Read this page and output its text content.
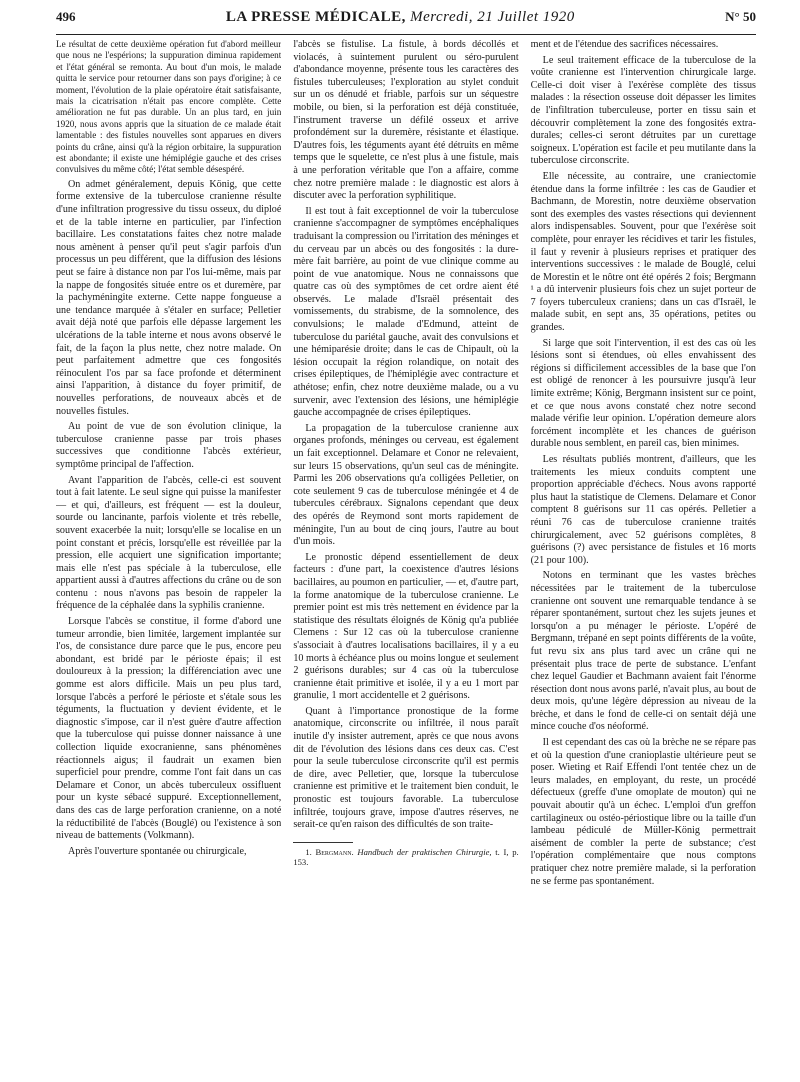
496	LA PRESSE MÉDICALE, Mercredi, 21 Juillet 1920	N° 50

Le résultat de cette deuxième opération fut d'abord meilleur que nous ne l'espérions; la suppuration diminua rapidement et l'état général se remonta. Au bout d'un mois, le malade quitta le service pour retourner dans son pays d'origine; à ce moment, l'évolution de la plaie opératoire était satisfaisante, mais la cicatrisation n'était pas encore complète. Cette amélioration ne fut pas durable. Un an plus tard, en juin 1920, nous avons appris que la situation de ce malade était lamentable : des fistules nouvelles sont apparues en divers points du crâne, ainsi qu'à la région orbitaire, la suppuration est abondante; il existe une hémiplégie gauche et des crises convulsives du même côté; l'état semble désespéré.

On admet généralement, depuis König, que cette forme extensive de la tuberculose cranienne résulte d'une infiltration progressive du tissu osseux, du diploé et de la table interne en particulier, par l'infection bacillaire. Les constatations faites chez notre malade nous amènent à penser qu'il peut s'agir parfois d'un processus un peu différent, que la diffusion des lésions peut se faire à distance non par l'os lui-même, mais par la nappe de fongosités située entre os et duremère, par la pachyméningite externe. Cette nappe fongueuse a une tendance marquée à s'étaler en surface; Pelletier avait déjà noté que parfois elle dépasse largement les ulcérations de la table interne et nous avons observé le fait, de la façon la plus nette, chez notre malade. On peut parfaitement admettre que ces fongosités réinoculent l'os par sa face profonde et déterminent ainsi l'apparition, à distance du foyer primitif, de nouvelles perforations, de nouveaux abcès et de nouvelles fistules.

Au point de vue de son évolution clinique, la tuberculose cranienne passe par trois phases successives que conditionne l'abcès extérieur, symptôme principal de l'affection.

Avant l'apparition de l'abcès, celle-ci est souvent tout à fait latente. Le seul signe qui puisse la manifester — et qui, d'ailleurs, est fréquent — est la douleur, sourde ou lancinante, parfois violente et très rebelle, souvent exacerbée la nuit; lorsqu'elle se localise en un point constant et précis, lorsqu'elle est réveillée par la pression, elle acquiert une signification importante; mais elle n'est pas spéciale à la tuberculose, elle appartient aussi à d'autres affections du crâne ou de son contenu : nous n'avons pas besoin de rappeler la fréquence de la céphalée dans la syphilis cranienne.

Lorsque l'abcès se constitue, il forme d'abord une tumeur arrondie, bien limitée, largement implantée sur l'os, de consistance dure parce que le pus, encore peu abondant, est bridé par le périoste épais; il est douloureux à la pression; la différenciation avec une gomme est alors difficile. Mais un peu plus tard, lorsque l'abcès a perforé le périoste et s'étale sous les téguments, la fluctuation y devient évidente, et le diagnostic s'impose, car il n'est guère d'autre affection que la tuberculose qui puisse donner naissance à une collection liquide exocranienne, sans phénomènes réactionnels aigus; il faudrait un examen bien superficiel pour prendre, comme l'ont fait dans un cas Delamare et Conor, un abcès tuberculeux ossifluent pour un kyste sébacé suppuré. Exceptionnellement, dans des cas de large perforation cranienne, on a noté la réductibilité de l'abcès (Bouglé) ou l'existence à son niveau de battements (Volkmann).

Après l'ouverture spontanée ou chirurgicale,

l'abcès se fistulise. La fistule, à bords décollés et violacés, à suintement purulent ou séro-purulent d'abondance moyenne, présente tous les caractères des fistules tuberculeuses; l'exploration au stylet conduit sur un os dénudé et friable, parfois sur un séquestre mobile, ou bien, si la perforation est déjà constituée, l'instrument traverse un défilé osseux et arrive profondément sur la duremère, résistante et élastique. D'autres fois, les téguments ayant été détruits en même temps que le squelette, ce n'est plus à une fistule, mais à une perforation véritable que l'on a affaire, comme chez notre première malade : le diagnostic est alors à discuter avec la perforation syphilitique.

Il est tout à fait exceptionnel de voir la tuberculose cranienne s'accompagner de symptômes encéphaliques traduisant la compression ou l'irritation des méninges et du cerveau par un abcès ou des fongosités : la dure-mère fait barrière, au point de vue clinique comme au point de vue anatomique. Nous ne connaissons que quatre cas où des symptômes de cet ordre aient été observés. Le malade d'Israël présentait des vomissements, du strabisme, de la somnolence, des convulsions; le malade d'Edmund, atteint de tuberculose du pariétal gauche, avait des convulsions et une hémiparésie droite; dans le cas de Chipault, où la lésion occupait la région rolandique, on notait des crises épileptiques, de l'hémiplégie avec contracture et athétose; enfin, chez notre deuxième malade, ou a vu survenir, avec l'extension des lésions, une hémiplégie gauche accompagnée de crises épileptiques.

La propagation de la tuberculose cranienne aux organes profonds, méninges ou cerveau, est également un fait exceptionnel. Delamare et Conor ne relevaient, sur leurs 15 observations, qu'un seul cas de méningite. Parmi les 206 observations qu'a colligées Pelletier, on cote seulement 9 cas de tuberculose méningée et 4 de tubercules cérébraux. Signalons cependant que deux des opérés de Reymond sont morts rapidement de méningite, l'un au bout de cinq jours, l'autre au bout d'un mois.

Le pronostic dépend essentiellement de deux facteurs : d'une part, la coexistence d'autres lésions bacillaires, au poumon en particulier, — et, d'autre part, la forme anatomique de la tuberculose cranienne. Le premier point est mis très nettement en évidence par la statistique des résultats éloignés de König qu'a publiée Clemens : Sur 12 cas où la tuberculose cranienne s'associait à d'autres localisations bacillaires, il y a eu 10 morts à échéance plus ou moins longue et seulement 2 guérisons durables; sur 4 cas où la tuberculose cranienne était primitive et isolée, il y a eu 1 mort par granulie, 1 mort accidentelle et 2 guérisons.

Quant à l'importance pronostique de la forme anatomique, circonscrite ou infiltrée, il nous paraît inutile d'y insister autrement, après ce que nous avons dit de l'évolution des lésions dans ces deux cas. C'est pour la seule tuberculose circonscrite qu'il est permis de dire, avec Pelletier, que, lorsque la tuberculose cranienne est primitive et le traitement bien conduit, le pronostic est toujours favorable. La tuberculose infiltrée, toujours grave, impose d'autres réserves, ne serait-ce qu'en raison des difficultés de son traite-

1. Bergmann. Handbuch der praktischen Chirurgie, t. I, p. 153.

ment et de l'étendue des sacrifices nécessaires.

Le seul traitement efficace de la tuberculose de la voûte cranienne est l'intervention chirurgicale large. Celle-ci doit viser à l'exérèse complète des tissus malades : la résection osseuse doit dépasser les limites de l'infiltration tuberculeuse, porter en tissu sain et découvrir complètement la zone des fongosités extra-durales; celles-ci seront détruites par un curettage soigneux. L'opération est facile et peu mutilante dans la tuberculose circonscrite.

Elle nécessite, au contraire, une craniectomie étendue dans la forme infiltrée : les cas de Gaudier et Bachmann, de Morestin, notre deuxième observation sont des exemples des vastes résections qui deviennent alors indispensables. Souvent, pour que l'exérèse soit complète, pour enrayer les récidives et tarir les fistules, il faut y revenir à plusieurs reprises et pratiquer des interventions successives : le malade de Bouglé, celui de Morestin et le nôtre ont été opérés 2 fois; Bergmann ¹ a dû intervenir plusieurs fois chez un sujet porteur de 7 foyers tuberculeux craniens; dans un cas d'Israël, le malade subit, en sept ans, 35 opérations, petites ou grandes.

Si large que soit l'intervention, il est des cas où les lésions sont si étendues, où elles envahissent des régions si difficilement accessibles de la base que l'on est obligé de renoncer à les poursuivre jusqu'à leur limite extrême; König, Bergmann insistent sur ce point, et ce que nous avons constaté chez notre second malade vérifie leur opinion. L'opération demeure alors forcément incomplète et les chances de guérison durable nous semblent, en pareil cas, bien minimes.

Les résultats publiés montrent, d'ailleurs, que les traitements les mieux conduits comptent une proportion appréciable d'échecs. Nous avons rapporté plus haut la statistique de Clemens. Delamare et Conor comptent 8 guérisons sur 11 cas opérés. Pelletier a réuni 76 cas de tuberculose cranienne traités chirurgicalement, avec 52 guérisons complètes, 8 guérisons (?) avec persistance de fistules et 16 morts (21 pour 100).

Notons en terminant que les vastes brèches nécessitées par le traitement de la tuberculose cranienne ont souvent une remarquable tendance à se réparer spontanément, surtout chez les sujets jeunes et lorsqu'on a pu ménager le périoste. L'opéré de Bergmann, trépané en sept points différents de la voûte, fut revu six ans plus tard avec un crâne qui ne présentait plus trace de perte de substance. L'enfant chez lequel Gaudier et Bachmann avaient fait l'énorme résection dont nous avons parlé, n'avait plus, au bout de deux mois, qu'une légère dépression au niveau de la brèche, et dans le fond de celle-ci on sentait déjà une mince couche d'os néoformé.

Il est cependant des cas où la brèche ne se répare pas et où la question d'une cranioplastie ultérieure peut se poser. Wieting et Raif Effendi l'ont tentée chez un de leurs malades, en employant, du reste, un procédé défectueux (greffe d'une omoplate de mouton) qui ne pouvait aboutir qu'à un échec. L'emploi d'un greffon cartilagineux ou ostéo-périostique libre ou la taille d'un lambeau pédiculé de Müller-König permettrait aisément de combler la perte de substance; c'est l'opération complémentaire que nous comptons pratiquer chez notre première malade, si la perforation ne se ferme pas spontanément.
